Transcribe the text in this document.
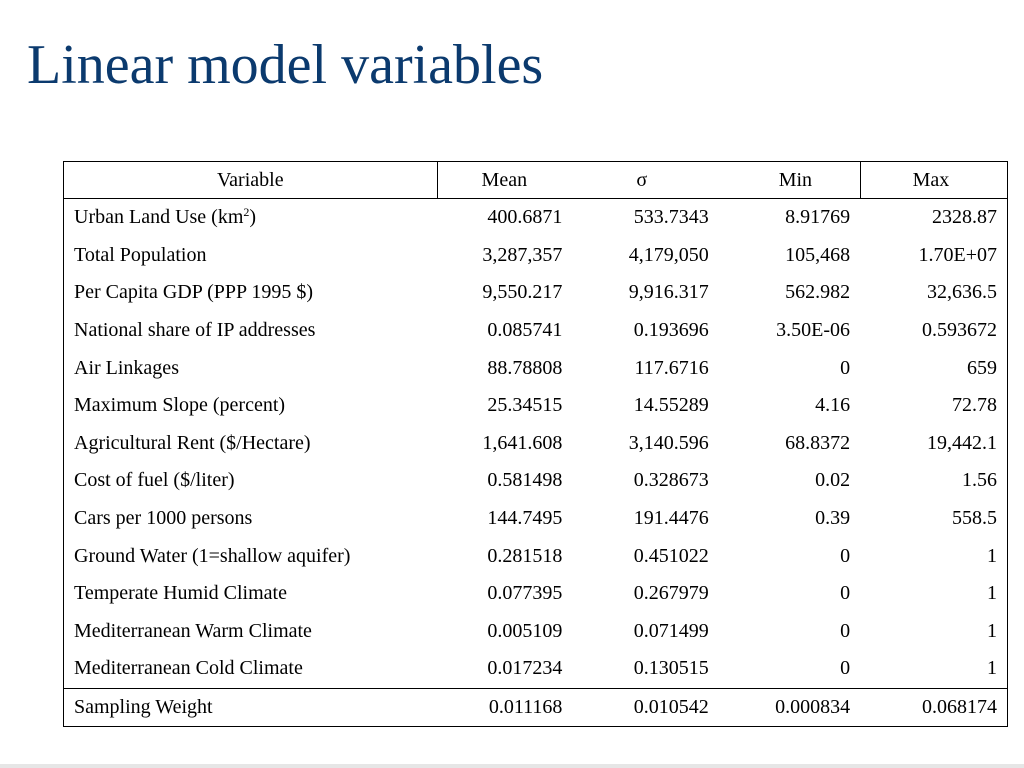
Linear model variables
Variable	Mean	σ	Min	Max
Urban Land Use $(km^2)$	400.6871	533.7343	8.91769	2328.87
Total Population	3,287,357	4,179,050	105,468	1.70E+07
Per Capita GDP (PPP 1995 $)	9,550.217	9,916.317	562.982	32,636.5
National share of IP addresses	0.085741	0.193696	3.50E-06	0.593672
Air Linkages	88.78808	117.6716	0	659
Maximum Slope (percent)	25.34515	14.55289	4.16	72.78
Agricultural Rent ($/Hectare)	1,641.608	3,140.596	68.8372	19,442.1
Cost of fuel ($/liter)	0.581498	0.328673	0.02	1.56
Cars per 1000 persons	144.7495	191.4476	0.39	558.5
Ground Water (1=shallow aquifer)	0.281518	0.451022	0	1
Temperate Humid Climate	0.077395	0.267979	0	1
Mediterranean Warm Climate	0.005109	0.071499	0	1
Mediterranean Cold Climate	0.017234	0.130515	0	1
Sampling Weight	0.011168	0.010542	0.000834	0.068174
